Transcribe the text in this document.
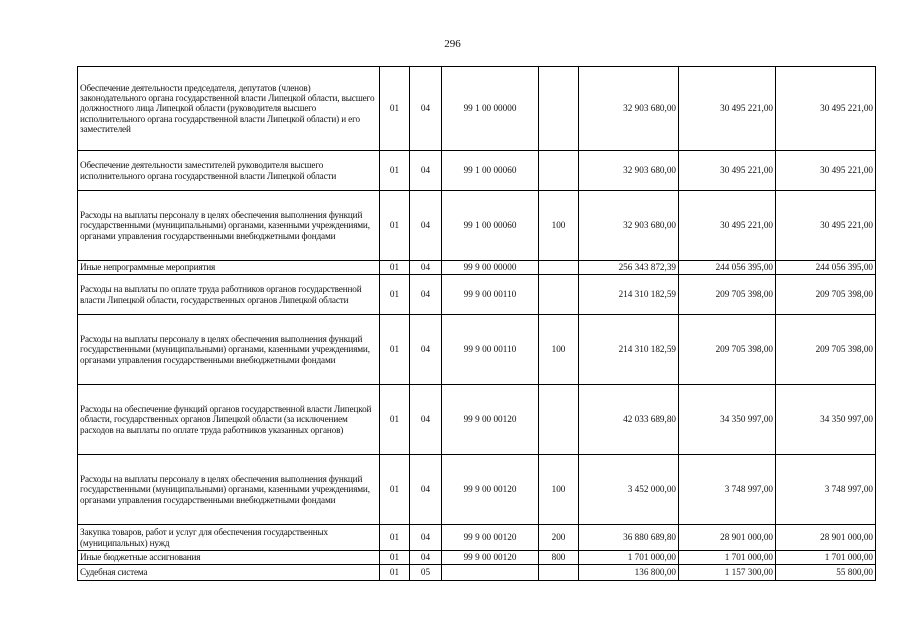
296
Обеспечение деятельности председателя, депутатов (членов) законодательного органа государственной власти Липецкой области, высшего должностного лица Липецкой области (руководителя высшего исполнительного органа государственной власти Липецкой области) и его заместителей	01	04	99 1 00 00000		32 903 680,00	30 495 221,00	30 495 221,00
Обеспечение деятельности заместителей руководителя высшего исполнительного органа государственной власти Липецкой области	01	04	99 1 00 00060		32 903 680,00	30 495 221,00	30 495 221,00
Расходы на выплаты персоналу в целях обеспечения выполнения функций государственными (муниципальными) органами, казенными учреждениями, органами управления государственными внебюджетными фондами	01	04	99 1 00 00060	100	32 903 680,00	30 495 221,00	30 495 221,00
Иные непрограммные мероприятия	01	04	99 9 00 00000		256 343 872,39	244 056 395,00	244 056 395,00
Расходы на выплаты по оплате труда работников органов государственной власти Липецкой области, государственных органов Липецкой области	01	04	99 9 00 00110		214 310 182,59	209 705 398,00	209 705 398,00
Расходы на выплаты персоналу в целях обеспечения выполнения функций государственными (муниципальными) органами, казенными учреждениями, органами управления государственными внебюджетными фондами	01	04	99 9 00 00110	100	214 310 182,59	209 705 398,00	209 705 398,00
Расходы на обеспечение функций органов государственной власти Липецкой области, государственных органов Липецкой области (за исключением расходов на выплаты по оплате труда работников указанных органов)	01	04	99 9 00 00120		42 033 689,80	34 350 997,00	34 350 997,00
Расходы на выплаты персоналу в целях обеспечения выполнения функций государственными (муниципальными) органами, казенными учреждениями, органами управления государственными внебюджетными фондами	01	04	99 9 00 00120	100	3 452 000,00	3 748 997,00	3 748 997,00
Закупка товаров, работ и услуг для обеспечения государственных (муниципальных) нужд	01	04	99 9 00 00120	200	36 880 689,80	28 901 000,00	28 901 000,00
Иные бюджетные ассигнования	01	04	99 9 00 00120	800	1 701 000,00	1 701 000,00	1 701 000,00
Судебная система	01	05			136 800,00	1 157 300,00	55 800,00
